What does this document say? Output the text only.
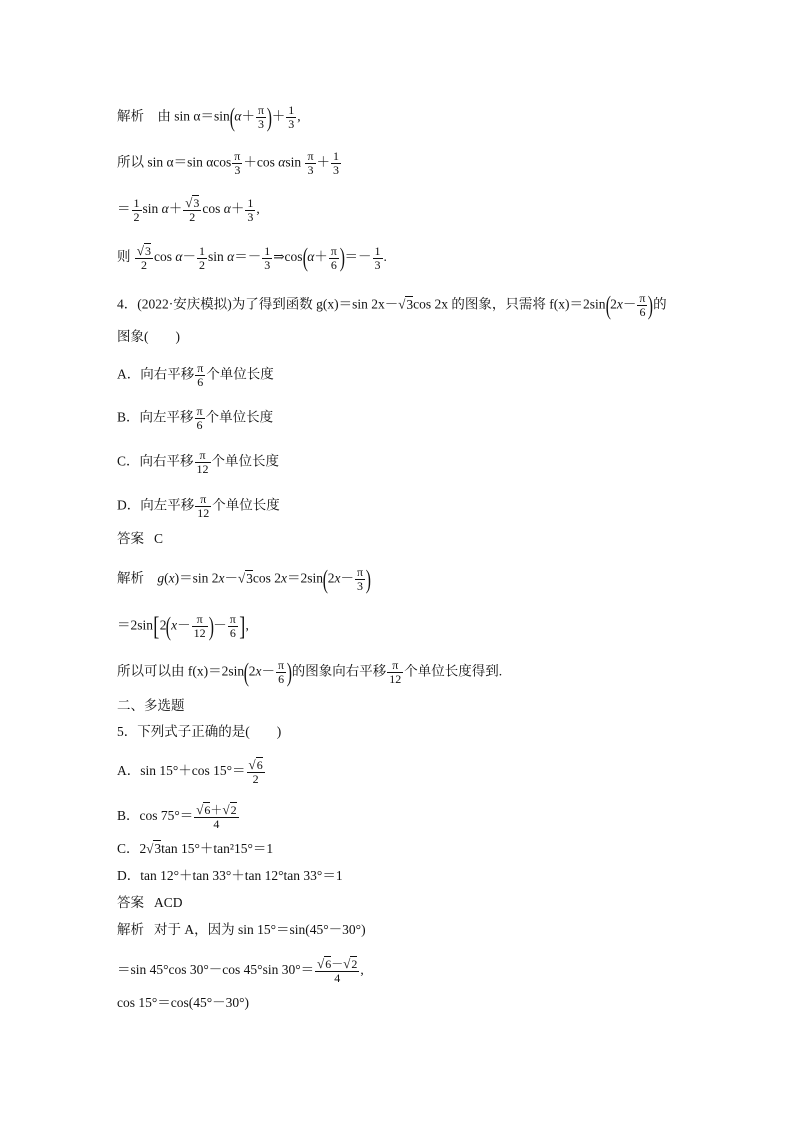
解析 由 $\sin \alpha=\sin(\alpha+ \frac{\pi}{3}$ )＋ $\frac{1}{3}$ ,
所以 sin α＝sin αcos $\frac{\pi}{3} +\cos$ αsin $\frac{\pi}{3} + \frac{1}{3}$
＝ $\frac{1}{2}$ $\sin \alpha+ \frac{√3}{2}$ $\cos \alpha+ \frac{1}{3}$ ,
则 $\frac{√3}{2}$ $\cos \alpha- \frac{1}{2}$ $\sin \alpha=- \frac{1}{3}$ ⇒cos(α＋ $\frac{\pi}{6}$ )＝－ $\frac{1}{3}$ .
4．(2022·安庆模拟)为了得到函数 g(x)＝sin 2x－√3cos 2x 的图象，只需将 $f(x)=2\sin(2x- \frac{\pi}{6}$ )的
图象(　　)
A．向右平移 $\frac{\pi}{6}$ 个单位长度
B．向左平移 $\frac{\pi}{6}$ 个单位长度
C．向右平移 $\frac{\pi}{12}$ 个单位长度
D．向左平移 $\frac{\pi}{12}$ 个单位长度
答案 C
解析 g(x)＝sin 2x－√3cos $2x=2\sin(2x- \frac{\pi}{3}$ )
$=2\sin[2(x- \frac{\pi}{12}$ )－ $\frac{\pi}{6}$ ],
所以可以由 $f(x)=2\sin(2x- \frac{\pi}{6}$ )的图象向右平移 $\frac{\pi}{12}$ 个单位长度得到.
二、多选题
5．下列式子正确的是(　　)
A．sin 15°＋cos $15^\circ= \frac{√6}{2}$
B．$\cos 75^\circ= \frac{√6+√2}{4}$
C．2√3tan 15°＋tan²15°＝1
D．tan 12°＋tan 33°＋tan 12°tan 33°＝1
答案 ACD
解析 对于 A，因为 sin 15°＝sin(45°－30°)
＝sin 45°cos 30°－cos 45°sin $30^\circ= \frac{√6-√2}{4}$ ,
cos 15°＝cos(45°－30°)
